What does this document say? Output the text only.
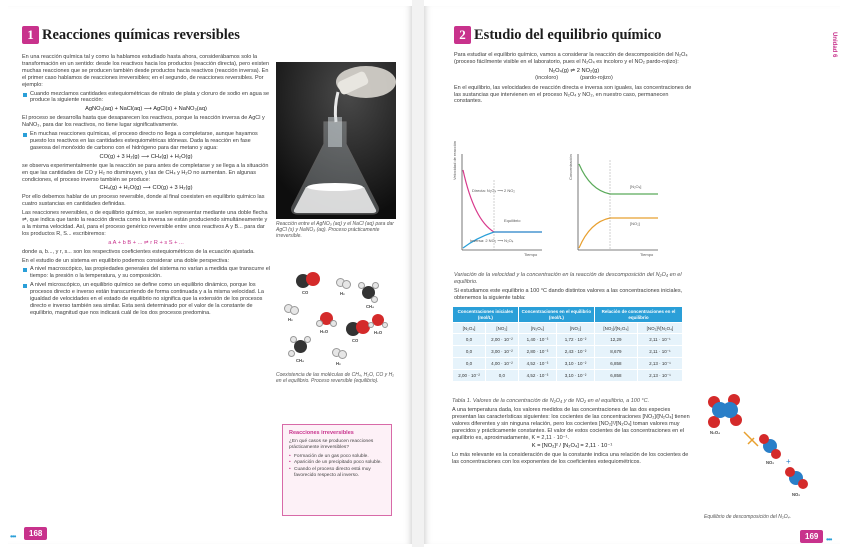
1 Reacciones químicas reversibles

En una reacción química tal y como la hablamos estudiado hasta ahora, considerábamos solo la transformación en un sentido: desde los reactivos hacia los productos (reacción directa), pero existen muchas reacciones que se producen también desde productos hacia reactivos (reacción inversa). En el primer caso hablamos de reacciones irreversibles; en el segundo, de reacciones reversibles. Por ejemplo:

Cuando mezclamos cantidades estequiométricas de nitrato de plata y cloruro de sodio en agua se produce la siguiente reacción:

AgNO₃(aq) + NaCl(aq) ⟶ AgCl(s) + NaNO₃(aq)

El proceso se desarrolla hasta que desaparecen los reactivos, porque la reacción inversa de AgCl y NaNO₃, para dar los reactivos, no tiene lugar significativamente.

En muchas reacciones químicas, el proceso directo no llega a completarse, aunque hayamos puesto los reactivos en las cantidades estequiométricas idóneas. Dada la reacción en fase gaseosa del monóxido de carbono con el hidrógeno para dar metano y agua:

CO(g) + 3 H₂(g) ⟶ CH₄(g) + H₂O(g)

se observa experimentalmente que la reacción se para antes de completarse y se llega a la situación en que las cantidades de CO y H₂ no disminuyen, y las de CH₄ y H₂O no aumentan. En algunas condiciones, el proceso inverso también se produce:

CH₄(g) + H₂O(g) ⟶ CO(g) + 3 H₂(g)

Por ello debemos hablar de un proceso reversible, donde al final coexisten en equilibrio químico las cuatro sustancias en cantidades definidas.

Las reacciones reversibles, o de equilibrio químico, se suelen representar mediante una doble flecha ⇌, que indica que tanto la reacción directa como la inversa se están produciendo simultáneamente y a la misma velocidad. Así, para el proceso genérico reversible entre unos reactivos A y B... para dar los productos R, S... escribiremos:

a A + b B + ... ⇌ r R + s S + ...

donde a, b..., y r, s... son los respectivos coeficientes estequiométricos de la ecuación ajustada.

En el estudio de un sistema en equilibrio podemos considerar una doble perspectiva:

A nivel macroscópico, las propiedades generales del sistema no varían a medida que transcurre el tiempo: la presión o la temperatura, y su composición.

A nivel microscópico, un equilibrio químico se define como un equilibrio dinámico, porque los procesos directo e inverso están transcurriendo de forma continuada y a la misma velocidad. La igualdad de velocidades en el estado de equilibrio no significa que la extensión de los procesos directo e inverso también sea similar. Esta será determinado por el valor de la constante de equilibrio, magnitud que nos indicará cuál de los dos procesos predomina.

Reacción entre el AgNO₃ (aq) y el NaCl (aq) para dar AgCl (s) y NaNO₃ (aq). Proceso prácticamente irreversible.
CO	H₂
CH₄
H₂
H₂O
CO
H₂O
CH₄
H₂
Coexistencia de las moléculas de CH₄, H₂O, CO y H₂ en el equilibrio. Proceso reversible (equilibrio).
Reacciones irreversibles
¿En qué casos se producen reacciones prácticamente irreversibles?
• Formación de un gas poco soluble.
• Aparición de un precipitado poco soluble.
• Cuando el proceso directo está muy favorecido respecto al inverso.
•••	168
Unidad 6
2 Estudio del equilibrio químico

Para estudiar el equilibrio químico, vamos a considerar la reacción de descomposición del N₂O₄ (proceso fácilmente visible en el laboratorio, pues el N₂O₄ es incoloro y el NO₂ pardo-rojizo):

N₂O₄(g) ⇌ 2 NO₂(g)

(incoloro)	(pardo-rojizo)

En el equilibrio, las velocidades de reacción directa e inversa son iguales, las concentraciones de las sustancias que intervienen en el proceso N₂O₄ y NO₂, en nuestro caso, permanecen constantes.

Velocidad de reacción
Tiempo
Directa: N₂O₄ ⟶ 2 NO₂
Inversa: 2 NO₂ ⟶ N₂O₄
Equilibrio
Concentración
Tiempo
[N₂O₄]
[NO₂]

Variación de la velocidad y la concentración en la reacción de descomposición del N₂O₄ en el equilibrio.

Si estudiamos este equilibrio a 100 °C dando distintos valores a las concentraciones iniciales, obtenemos la siguiente tabla:

Concentraciones iniciales (mol/L)		Concentraciones en el equilibrio (mol/L)		Relación de concentraciones en el equilibrio	
[N₂O₄]	[NO₂]	[N₂O₄]	[NO₂]	[NO₂]/[N₂O₄]	[NO₂]²/[N₂O₄]
0,0	2,00 · 10⁻²	1,40 · 10⁻³	1,72 · 10⁻²	12,29	2,11 · 10⁻¹
0,0	3,00 · 10⁻²	2,80 · 10⁻³	2,43 · 10⁻²	8,679	2,11 · 10⁻¹
0,0	4,00 · 10⁻²	4,52 · 10⁻³	3,10 · 10⁻²	6,858	2,13 · 10⁻¹
2,00 · 10⁻²	0,0	4,52 · 10⁻³	3,10 · 10⁻²	6,858	2,13 · 10⁻¹

Tabla 1. Valores de la concentración de N₂O₄ y de NO₂ en el equilibrio, a 100 °C.

A una temperatura dada, los valores medidos de las concentraciones de las dos especies presentan las características siguientes: los cocientes de las concentraciones [NO₂]/[N₂O₄] tienen valores diferentes y sin ninguna relación, pero los cocientes [NO₂]²/[N₂O₄] toman valores muy parecidos y prácticamente constantes. El valor de estos cocientes de las concentraciones en el equilibrio es, aproximadamente, K = 2,11 · 10⁻¹.

K = [NO₂]² / [N₂O₄] = 2,11 · 10⁻¹

Lo más relevante es la consideración de que la constante indica una relación de los cocientes de las concentraciones con los exponentes de los coeficientes estequiométricos.	+
N₂O₄
NO₂
NO₂
Equilibrio de descomposición del N₂O₄.
•••
169
